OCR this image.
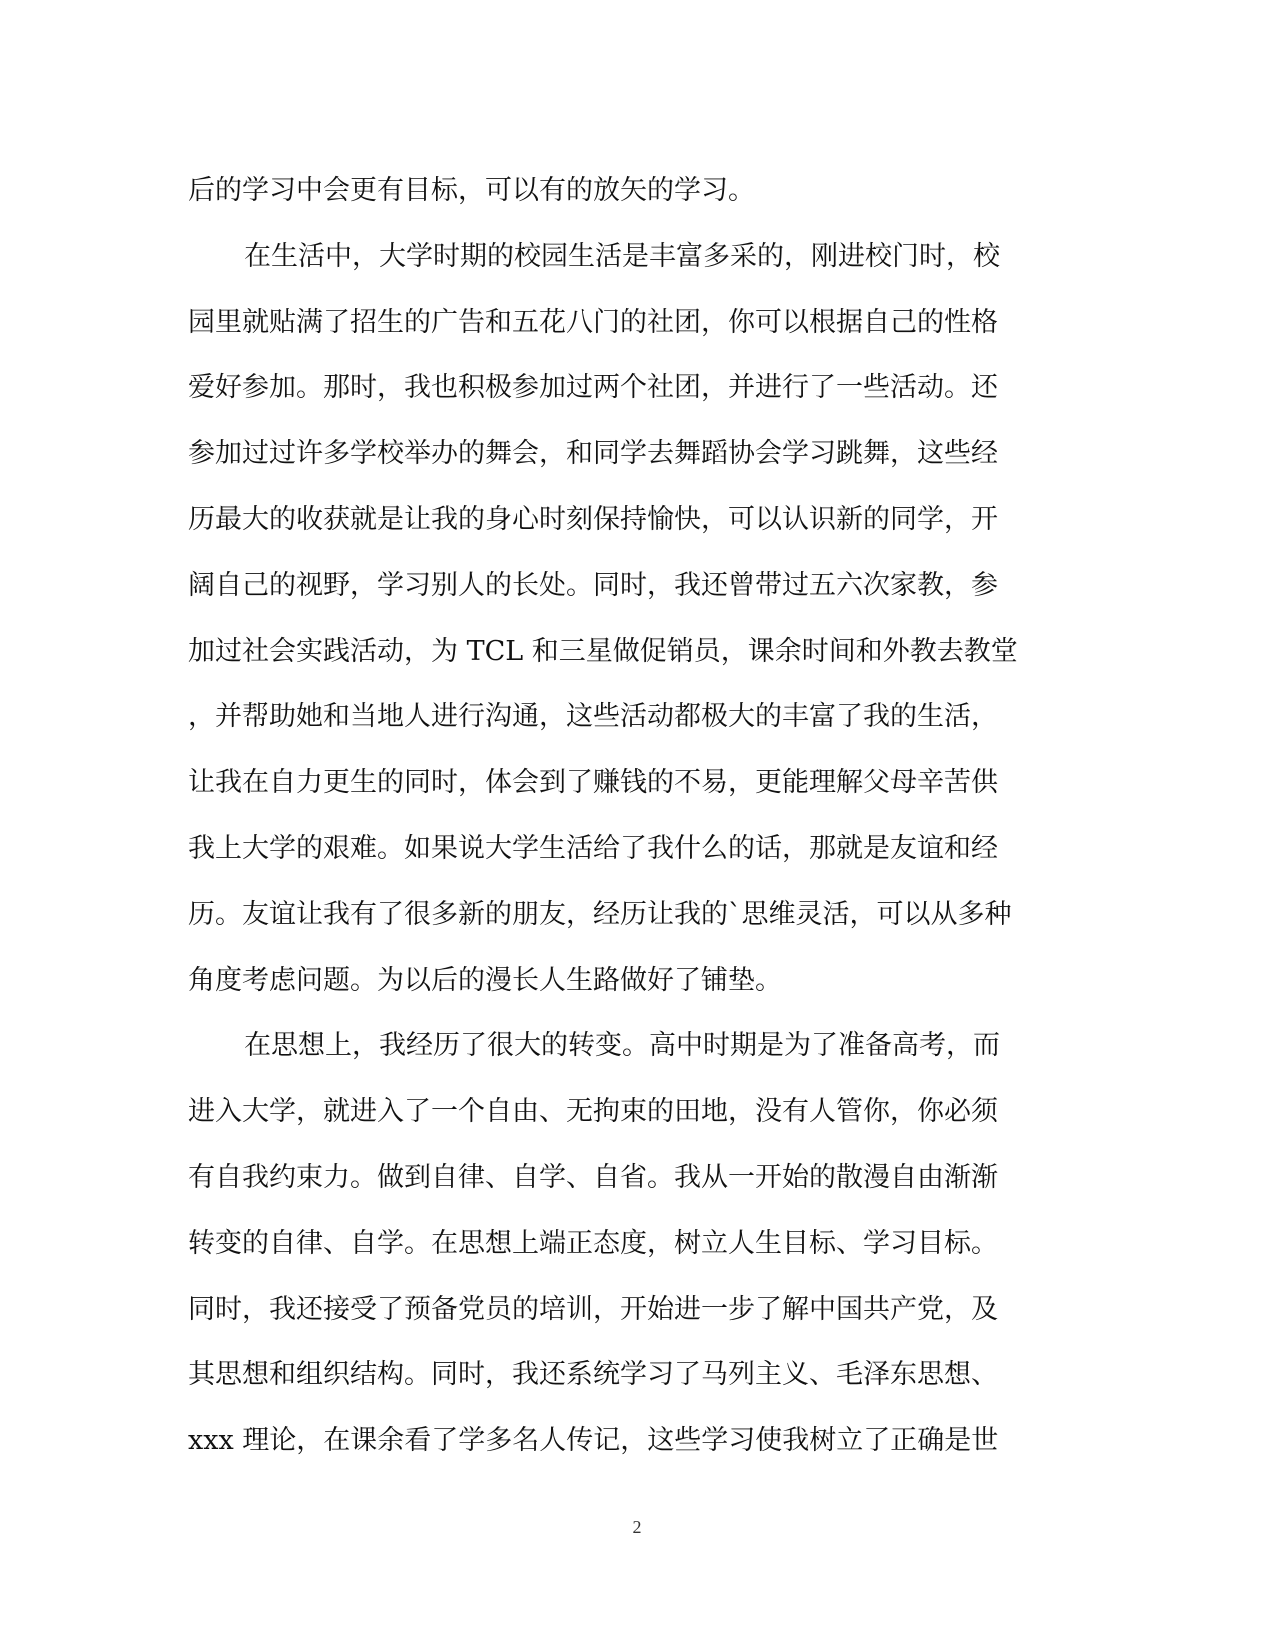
后的学习中会更有目标，可以有的放矢的学习。
在生活中，大学时期的校园生活是丰富多采的，刚进校门时，校
园里就贴满了招生的广告和五花八门的社团，你可以根据自己的性格
爱好参加。那时，我也积极参加过两个社团，并进行了一些活动。还
参加过过许多学校举办的舞会，和同学去舞蹈协会学习跳舞，这些经
历最大的收获就是让我的身心时刻保持愉快，可以认识新的同学，开
阔自己的视野，学习别人的长处。同时，我还曾带过五六次家教，参
加过社会实践活动，为 TCL 和三星做促销员，课余时间和外教去教堂
，并帮助她和当地人进行沟通，这些活动都极大的丰富了我的生活，
让我在自力更生的同时，体会到了赚钱的不易，更能理解父母辛苦供
我上大学的艰难。如果说大学生活给了我什么的话，那就是友谊和经
历。友谊让我有了很多新的朋友，经历让我的`思维灵活，可以从多种
角度考虑问题。为以后的漫长人生路做好了铺垫。
在思想上，我经历了很大的转变。高中时期是为了准备高考，而
进入大学，就进入了一个自由、无拘束的田地，没有人管你，你必须
有自我约束力。做到自律、自学、自省。我从一开始的散漫自由渐渐
转变的自律、自学。在思想上端正态度，树立人生目标、学习目标。
同时，我还接受了预备党员的培训，开始进一步了解中国共产党，及
其思想和组织结构。同时，我还系统学习了马列主义、毛泽东思想、
xxx 理论，在课余看了学多名人传记，这些学习使我树立了正确是世
2
